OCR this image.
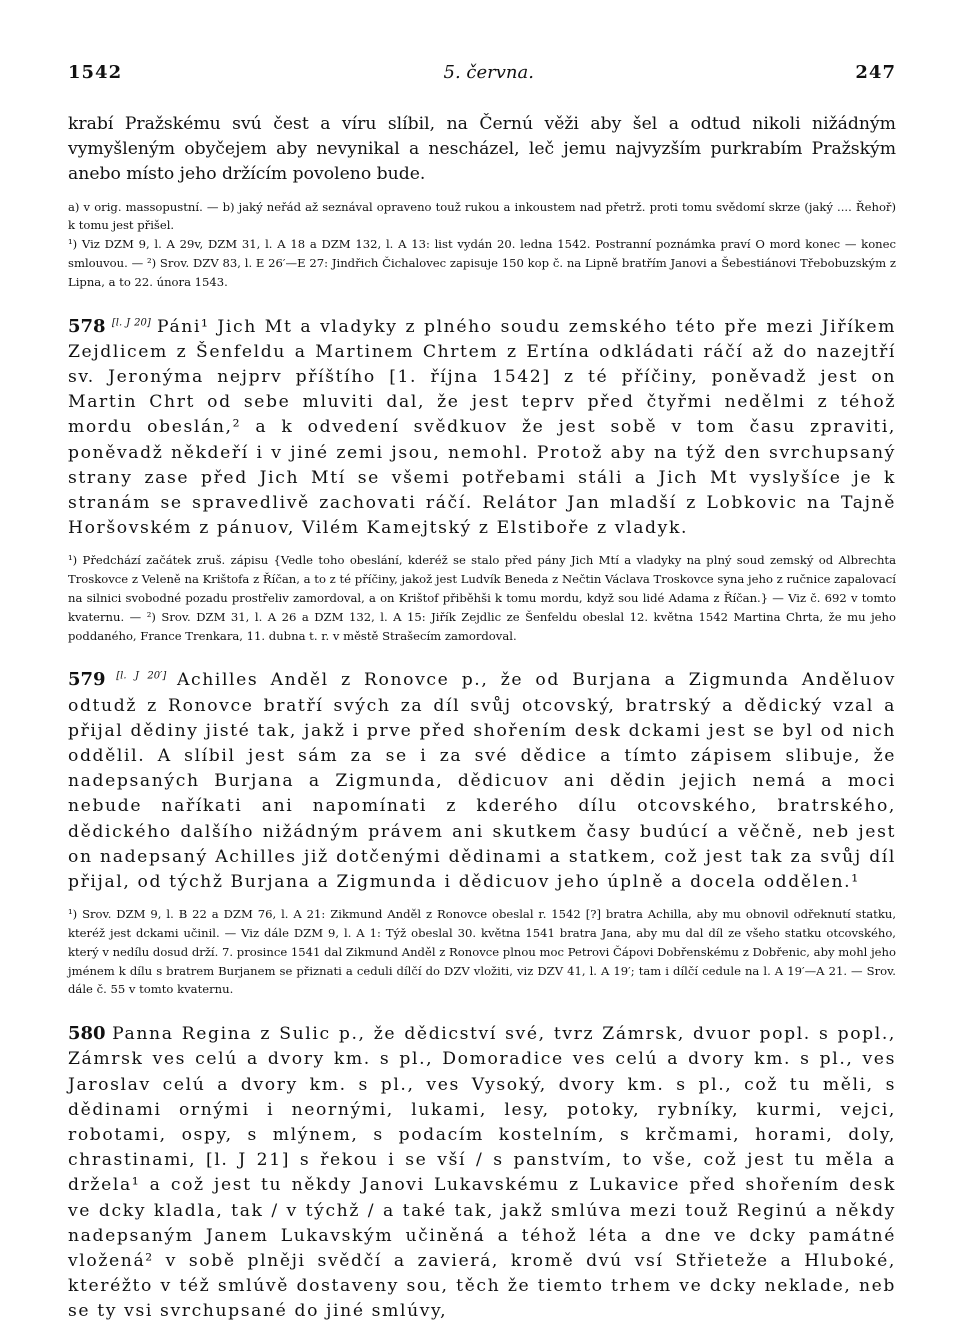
1542	5. června.	247

krabí Pražskému svú čest a víru slíbil, na Černú věži aby šel a odtud nikoli nižádným vymyšleným obyčejem aby nevynikal a nescházel, leč jemu najvyzším purkrabím Pražským anebo místo jeho držícím povoleno bude.

a) v orig. massopustní. — b) jaký neřád až seznával opraveno touž rukou a inkoustem nad přetrž. proti tomu svědomí skrze (jaký .... Řehoř) k tomu jest přišel.

¹) Viz DZM 9, l. A 29v, DZM 31, l. A 18 a DZM 132, l. A 13: list vydán 20. ledna 1542. Postranní poznámka praví O mord konec — konec smlouvou. — ²) Srov. DZV 83, l. E 26′—E 27: Jindřich Čichalovec zapisuje 150 kop č. na Lipně bratřím Janovi a Šebestiánovi Třebobuzským z Lipna, a to 22. února 1543.

578 [l. J 20] Páni¹ Jich Mt a vladyky z plného soudu zemského této pře mezi Jiříkem Zejdlicem z Šenfeldu a Martinem Chrtem z Ertína odkládati ráčí až do nazejtří sv. Jeronýma nejprv příštího [1. října 1542] z té příčiny, poněvadž jest on Martin Chrt od sebe mluviti dal, že jest teprv před čtyřmi nedělmi z téhož mordu obeslán,² a k odvedení svědkuov že jest sobě v tom času zpraviti, poněvadž někdeří i v jiné zemi jsou, nemohl. Protož aby na týž den svrchupsaný strany zase před Jich Mtí se všemi potřebami stáli a Jich Mt vyslyšíce je k stranám se spravedlivě zachovati ráčí. Relátor Jan mladší z Lobkovic na Tajně Horšovském z pánuov, Vilém Kamejtský z Elstiboře z vladyk.

¹) Předchází začátek zruš. zápisu {Vedle toho obeslání, kderéž se stalo před pány Jich Mtí a vladyky na plný soud zemský od Albrechta Troskovce z Veleně na Krištofa z Říčan, a to z té příčiny, jakož jest Ludvík Beneda z Nečtin Václava Troskovce syna jeho z ručnice zapalovací na silnici svobodné pozadu prostřeliv zamordoval, a on Krištof přiběhši k tomu mordu, když sou lidé Adama z Říčan.} — Viz č. 692 v tomto kvaternu. — ²) Srov. DZM 31, l. A 26 a DZM 132, l. A 15: Jiřík Zejdlic ze Šenfeldu obeslal 12. května 1542 Martina Chrta, že mu jeho poddaného, France Trenkara, 11. dubna t. r. v městě Strašecím zamordoval.

579 [l. J 20′] Achilles Anděl z Ronovce p., že od Burjana a Zigmunda Anděluov odtudž z Ronovce bratří svých za díl svůj otcovský, bratrský a dědický vzal a přijal dědiny jisté tak, jakž i prve před shořením desk dckami jest se byl od nich oddělil. A slíbil jest sám za se i za své dědice a tímto zápisem slibuje, že nadepsaných Burjana a Zigmunda, dědicuov ani dědin jejich nemá a moci nebude naříkati ani napomínati z kderého dílu otcovského, bratrského, dědického dalšího nižádným právem ani skutkem časy budúcí a věčně, neb jest on nadepsaný Achilles již dotčenými dědinami a statkem, což jest tak za svůj díl přijal, od týchž Burjana a Zigmunda i dědicuov jeho úplně a docela oddělen.¹

¹) Srov. DZM 9, l. B 22 a DZM 76, l. A 21: Zikmund Anděl z Ronovce obeslal r. 1542 [?] bratra Achilla, aby mu obnovil odřeknutí statku, kteréž jest dckami učinil. — Viz dále DZM 9, l. A 1: Týž obeslal 30. května 1541 bratra Jana, aby mu dal díl ze všeho statku otcovského, který v nedílu dosud drží. 7. prosince 1541 dal Zikmund Anděl z Ronovce plnou moc Petrovi Čápovi Dobřenskému z Dobřenic, aby mohl jeho jménem k dílu s bratrem Burjanem se přiznati a ceduli dílčí do DZV vložiti, viz DZV 41, l. A 19′; tam i dílčí cedule na l. A 19′—A 21. — Srov. dále č. 55 v tomto kvaternu.

580 Panna Regina z Sulic p., že dědicství své, tvrz Zámrsk, dvuor popl. s popl., Zámrsk ves celú a dvory km. s pl., Domoradice ves celú a dvory km. s pl., ves Jaroslav celú a dvory km. s pl., ves Vysoký, dvory km. s pl., což tu měli, s dědinami ornými i neornými, lukami, lesy, potoky, rybníky, kurmi, vejci, robotami, ospy, s mlýnem, s podacím kostelním, s krčmami, horami, doly, chrastinami, [l. J 21] s řekou i se vší / s panstvím, to vše, což jest tu měla a držela¹ a což jest tu někdy Janovi Lukavskému z Lukavice před shořením desk ve dcky kladla, tak / v týchž / a také tak, jakž smlúva mezi touž Reginú a někdy nadepsaným Janem Lukavským učiněná a téhož léta a dne ve dcky památné vložená² v sobě plněji svědčí a zavierá, kromě dvú vsí Střieteže a Hluboké, kteréžto v též smlúvě dostaveny sou, těch že tiemto trhem ve dcky neklade, neb se ty vsi svrchupsané do jiné smlúvy,
